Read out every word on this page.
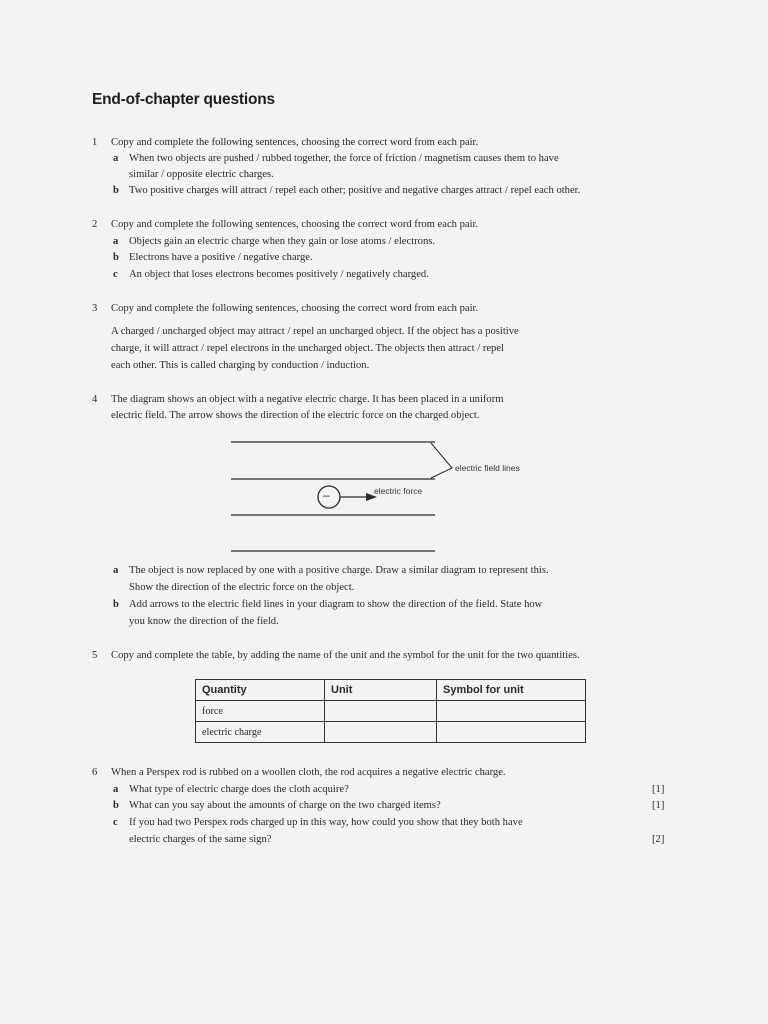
End-of-chapter questions
1 Copy and complete the following sentences, choosing the correct word from each pair.
a When two objects are pushed / rubbed together, the force of friction / magnetism causes them to have
similar / opposite electric charges.
b Two positive charges will attract / repel each other; positive and negative charges attract / repel each other.
2 Copy and complete the following sentences, choosing the correct word from each pair.
a Objects gain an electric charge when they gain or lose atoms / electrons.
b Electrons have a positive / negative charge.
c An object that loses electrons becomes positively / negatively charged.
3 Copy and complete the following sentences, choosing the correct word from each pair.
A charged / uncharged object may attract / repel an uncharged object. If the object has a positive
charge, it will attract / repel electrons in the uncharged object. The objects then attract / repel
each other. This is called charging by conduction / induction.
4 The diagram shows an object with a negative electric charge. It has been placed in a uniform
electric field. The arrow shows the direction of the electric force on the charged object.
–
electric field lines
electric force
a The object is now replaced by one with a positive charge. Draw a similar diagram to represent this.
Show the direction of the electric force on the object.
b Add arrows to the electric field lines in your diagram to show the direction of the field. State how
you know the direction of the field.
5 Copy and complete the table, by adding the name of the unit and the symbol for the unit for the two quantities.
Quantity	Unit	Symbol for unit
force		
electric charge		
6 When a Perspex rod is rubbed on a woollen cloth, the rod acquires a negative electric charge.
a What type of electric charge does the cloth acquire?	[1]
b What can you say about the amounts of charge on the two charged items?	[1]
c If you had two Perspex rods charged up in this way, how could you show that they both have
electric charges of the same sign?	[2]
